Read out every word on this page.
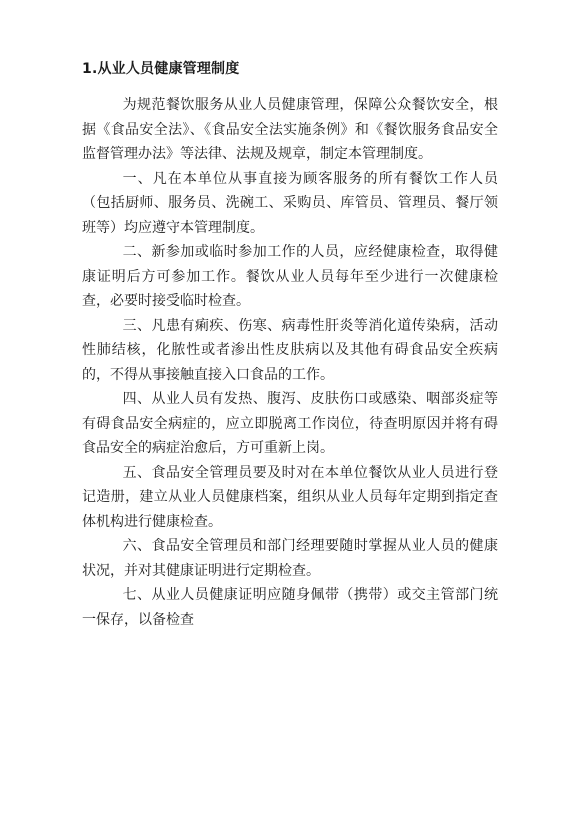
1.从业人员健康管理制度

为规范餐饮服务从业人员健康管理，保障公众餐饮安全，根据《食品安全法》、《食品安全法实施条例》和《餐饮服务食品安全监督管理办法》等法律、法规及规章，制定本管理制度。

一、凡在本单位从事直接为顾客服务的所有餐饮工作人员（包括厨师、服务员、洗碗工、采购员、库管员、管理员、餐厅领班等）均应遵守本管理制度。

二、新参加或临时参加工作的人员，应经健康检查，取得健康证明后方可参加工作。餐饮从业人员每年至少进行一次健康检查，必要时接受临时检查。

三、凡患有痢疾、伤寒、病毒性肝炎等消化道传染病，活动性肺结核，化脓性或者渗出性皮肤病以及其他有碍食品安全疾病的，不得从事接触直接入口食品的工作。

四、从业人员有发热、腹泻、皮肤伤口或感染、咽部炎症等有碍食品安全病症的，应立即脱离工作岗位，待查明原因并将有碍食品安全的病症治愈后，方可重新上岗。

五、食品安全管理员要及时对在本单位餐饮从业人员进行登记造册，建立从业人员健康档案，组织从业人员每年定期到指定查体机构进行健康检查。

六、食品安全管理员和部门经理要随时掌握从业人员的健康状况，并对其健康证明进行定期检查。

七、从业人员健康证明应随身佩带（携带）或交主管部门统一保存，以备检查
